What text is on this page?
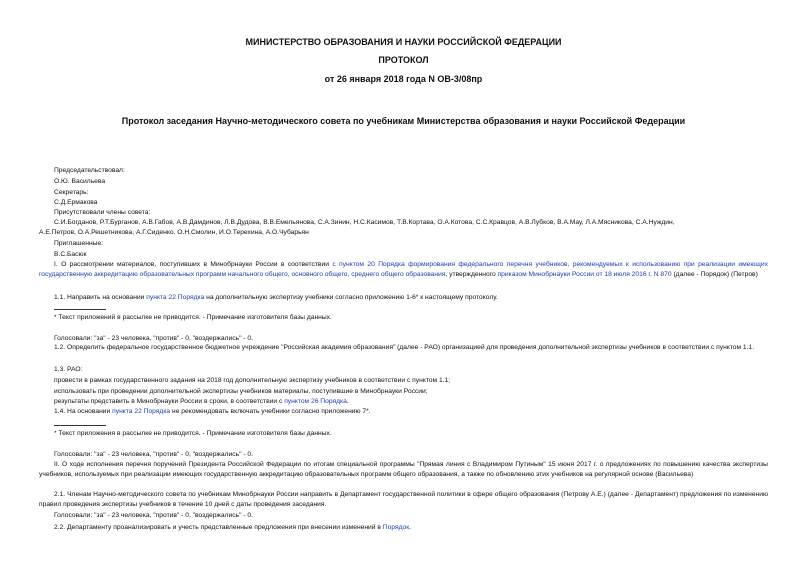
МИНИСТЕРСТВО ОБРАЗОВАНИЯ И НАУКИ РОССИЙСКОЙ ФЕДЕРАЦИИ
ПРОТОКОЛ
от 26 января 2018 года N ОВ-3/08пр
Протокол заседания Научно-методического совета по учебникам Министерства образования и науки Российской Федерации
Председательствовал:
О.Ю. Васильева
Секретарь:
С.Д.Ермакова
Присутствовали члены совета:
С.И.Богданов, Р.Т.Бурганов, А.В.Габов, А.В.Дамдинов, Л.В.Дудова, В.В.Емельянова, С.А.Зинин, Н.С.Касимов, Т.В.Кортава, О.А.Котова, С.С.Кравцов, А.В.Лубков, В.А.Мау, Л.А.Мясникова, С.А.Нуждин,
А.Е.Петров, О.А.Решетникова, А.Г.Сиденко, О.Н.Смолин, И.О.Терехина, А.О.Чубарьян
Приглашенные:
В.С.Басюк
I. О рассмотрении материалов, поступивших в Минобрнауки России в соответствии с пунктом 20 Порядка формирования федерального перечня учебников, рекомендуемых к использованию при реализации имеющих государственную аккредитацию образовательных программ начального общего, основного общего, среднего общего образования, утвержденного приказом Минобрнауки России от 18 июля 2016 г. N 870 (далее - Порядок) (Петров)
1.1. Направить на основании пункта 22 Порядка на дополнительную экспертизу учебники согласно приложению 1-6* к настоящему протоколу.
* Текст приложений в рассылке не приводится. - Примечание изготовителя базы данных.
Голосовали: "за" - 23 человека, "против" - 0, "воздержались" - 0.
1.2. Определить федеральное государственное бюджетное учреждение "Российская академия образования" (далее - РАО) организацией для проведения дополнительной экспертизы учебников в соответствии с пунктом 1.1.
1.3. РАО:
провести в рамках государственного задания на 2018 год дополнительную экспертизу учебников в соответствии с пунктом 1.1;
использовать при проведении дополнительной экспертизы учебников материалы, поступившие в Минобрнауки России;
результаты представить в Минобрнауки России в сроки, в соответствии с пунктом 26 Порядка.
1.4. На основании пункта 22 Порядка не рекомендовать включать учебники согласно приложению 7*.
* Текст приложения в рассылке не приводится. - Примечание изготовителя базы данных.
Голосовали: "за" - 23 человека, "против" - 0, "воздержались" - 0.
II. О ходе исполнения перечня поручений Президента Российской Федерации по итогам специальной программы "Прямая линия с Владимиром Путиным" 15 июня 2017 г. о предложениях по повышению качества экспертизы учебников, используемых при реализации имеющих государственную аккредитацию образовательных программ общего образования, а также по обновлению этих учебников на регулярной основе (Васильева)
2.1. Членам Научно-методического совета по учебникам Минобрнауки России направить в Департамент государственной политики в сфере общего образования (Петрову А.Е.) (далее - Департамент) предложения по изменению правил проведения экспертизы учебников в течение 10 дней с даты проведения заседания.
Голосовали: "за" - 23 человека, "против" - 0, "воздержались" - 0.
2.2. Департаменту проанализировать и учесть представленные предложения при внесении изменений в Порядок.
